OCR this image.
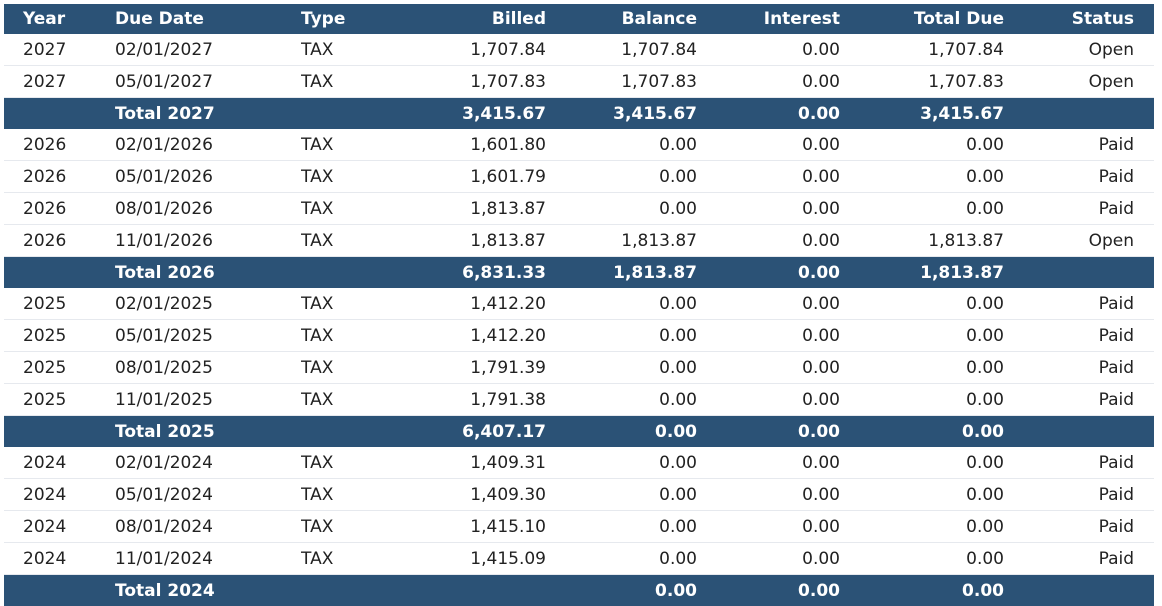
Year	Due Date	Type	Billed	Balance	Interest	Total Due	Status
2027	02/01/2027	TAX	1,707.84	1,707.84	0.00	1,707.84	Open
2027	05/01/2027	TAX	1,707.83	1,707.83	0.00	1,707.83	Open
	Total 2027		3,415.67	3,415.67	0.00	3,415.67	
2026	02/01/2026	TAX	1,601.80	0.00	0.00	0.00	Paid
2026	05/01/2026	TAX	1,601.79	0.00	0.00	0.00	Paid
2026	08/01/2026	TAX	1,813.87	0.00	0.00	0.00	Paid
2026	11/01/2026	TAX	1,813.87	1,813.87	0.00	1,813.87	Open
	Total 2026		6,831.33	1,813.87	0.00	1,813.87	
2025	02/01/2025	TAX	1,412.20	0.00	0.00	0.00	Paid
2025	05/01/2025	TAX	1,412.20	0.00	0.00	0.00	Paid
2025	08/01/2025	TAX	1,791.39	0.00	0.00	0.00	Paid
2025	11/01/2025	TAX	1,791.38	0.00	0.00	0.00	Paid
	Total 2025		6,407.17	0.00	0.00	0.00	
2024	02/01/2024	TAX	1,409.31	0.00	0.00	0.00	Paid
2024	05/01/2024	TAX	1,409.30	0.00	0.00	0.00	Paid
2024	08/01/2024	TAX	1,415.10	0.00	0.00	0.00	Paid
2024	11/01/2024	TAX	1,415.09	0.00	0.00	0.00	Paid
	Total 2024			0.00	0.00	0.00	
